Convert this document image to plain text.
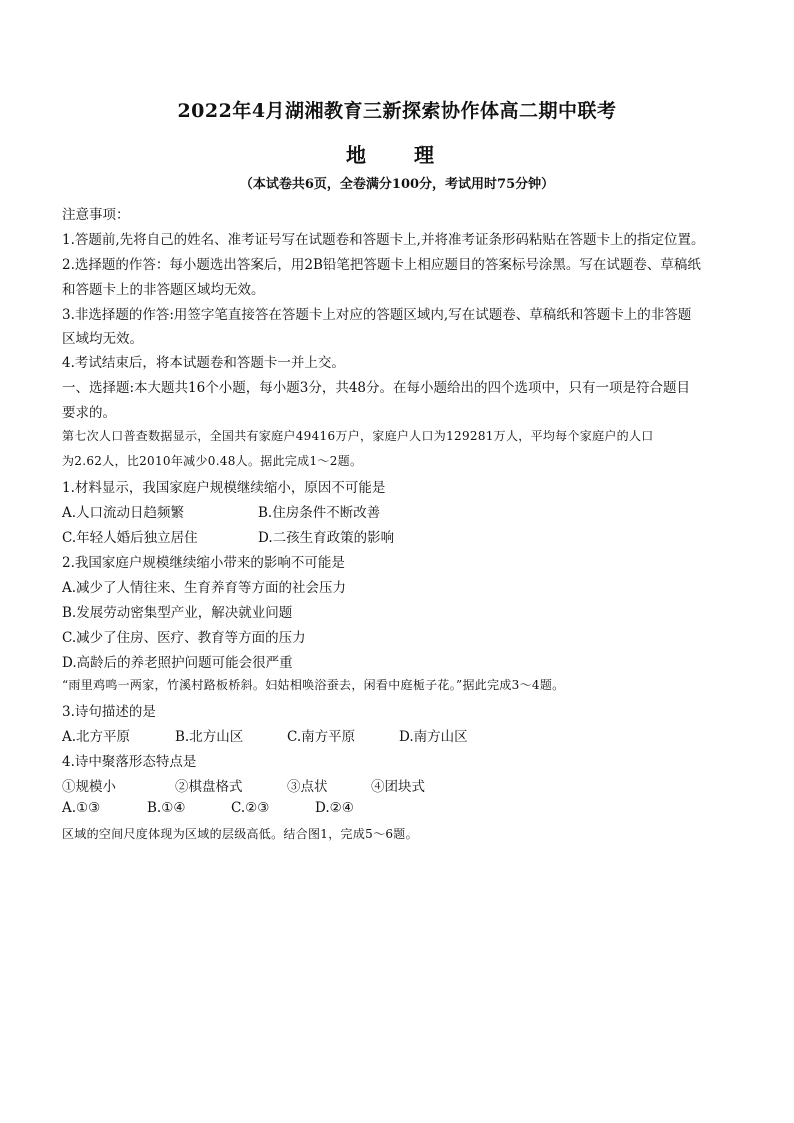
2022年4月湖湘教育三新探索协作体高二期中联考
地　理
（本试卷共6页，全卷满分100分，考试用时75分钟）
注意事项：
1.答题前,先将自己的姓名、准考证号写在试题卷和答题卡上,并将准考证条形码粘贴在答题卡上的指定位置。
2.选择题的作答：每小题选出答案后，用2B铅笔把答题卡上相应题目的答案标号涂黑。写在试题卷、草稿纸
和答题卡上的非答题区域均无效。
3.非选择题的作答:用签字笔直接答在答题卡上对应的答题区域内,写在试题卷、草稿纸和答题卡上的非答题
区域均无效。
4.考试结束后，将本试题卷和答题卡一并上交。
一、选择题:本大题共16个小题，每小题3分，共48分。在每小题给出的四个选项中，只有一项是符合题目
要求的。
第七次人口普查数据显示，全国共有家庭户49416万户，家庭户人口为129281万人，平均每个家庭户的人口
为2.62人，比2010年减少0.48人。据此完成1～2题。
1.材料显示，我国家庭户规模继续缩小，原因不可能是
A.人口流动日趋频繁	B.住房条件不断改善
C.年轻人婚后独立居住	D.二孩生育政策的影响
2.我国家庭户规模继续缩小带来的影响不可能是
A.减少了人情往来、生育养育等方面的社会压力
B.发展劳动密集型产业，解决就业问题
C.减少了住房、医疗、教育等方面的压力
D.高龄后的养老照护问题可能会很严重
“雨里鸡鸣一两家，竹溪村路板桥斜。妇姑相唤浴蚕去，闲看中庭栀子花。”据此完成3～4题。
3.诗句描述的是
A.北方平原	B.北方山区	C.南方平原	D.南方山区
4.诗中聚落形态特点是
①规模小	②棋盘格式	③点状	④团块式
A.①③	B.①④	C.②③	D.②④
区域的空间尺度体现为区域的层级高低。结合图1，完成5～6题。
